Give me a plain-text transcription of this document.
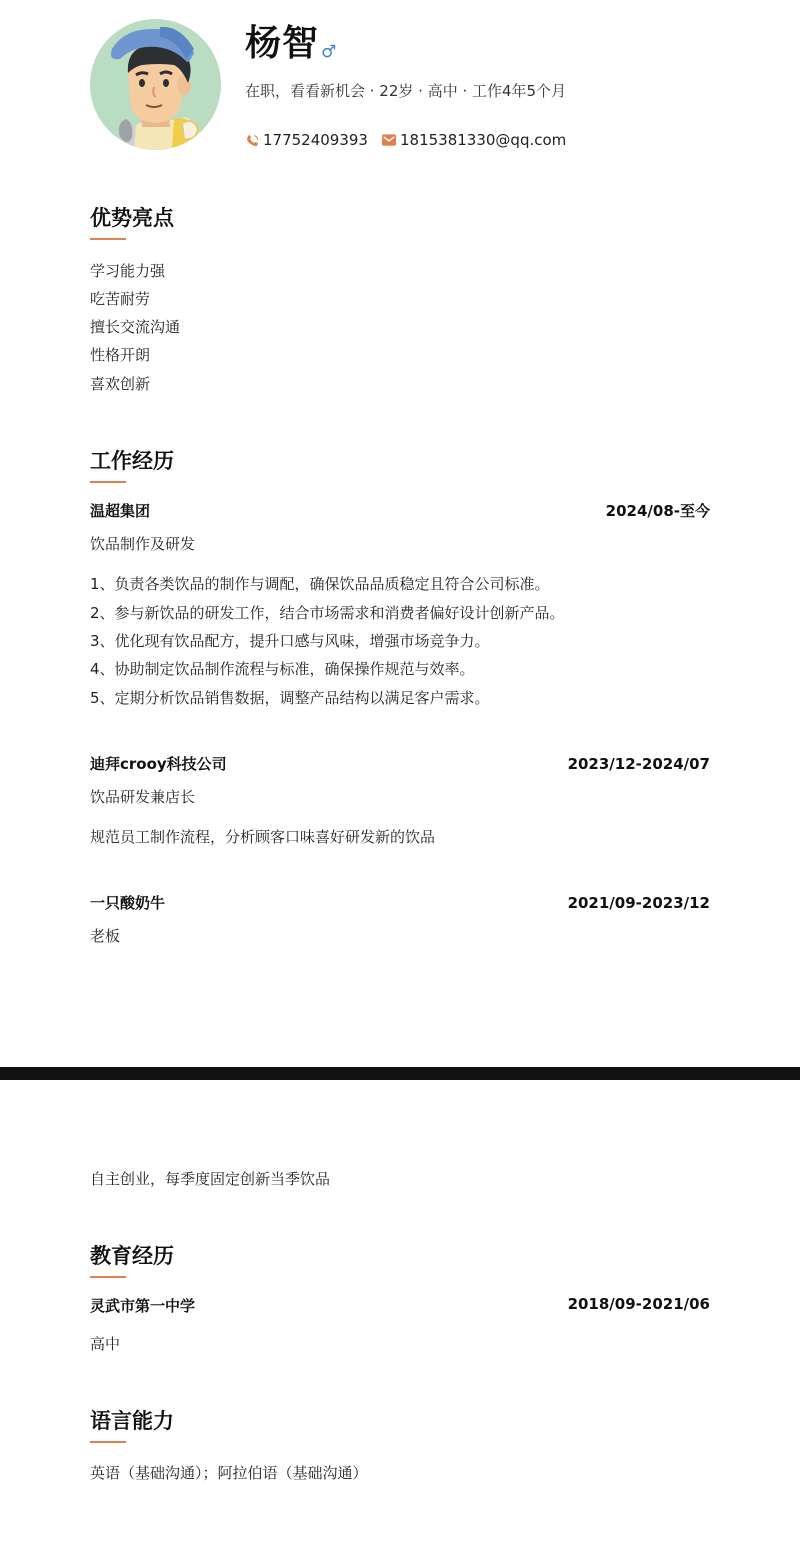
杨智 ♂
在职，看看新机会 · 22岁 · 高中 · 工作4年5个月
17752409393 1815381330@qq.com
优势亮点
学习能力强
吃苦耐劳
擅长交流沟通
性格开朗
喜欢创新
工作经历
温超集团	2024/08-至今
饮品制作及研发
1、负责各类饮品的制作与调配，确保饮品品质稳定且符合公司标准。
2、参与新饮品的研发工作，结合市场需求和消费者偏好设计创新产品。
3、优化现有饮品配方，提升口感与风味，增强市场竞争力。
4、协助制定饮品制作流程与标准，确保操作规范与效率。
5、定期分析饮品销售数据，调整产品结构以满足客户需求。
迪拜crooy科技公司	2023/12-2024/07
饮品研发兼店长
规范员工制作流程，分析顾客口味喜好研发新的饮品
一只酸奶牛	2021/09-2023/12
老板
自主创业，每季度固定创新当季饮品
教育经历
灵武市第一中学	2018/09-2021/06
高中
语言能力
英语（基础沟通）；阿拉伯语（基础沟通）
